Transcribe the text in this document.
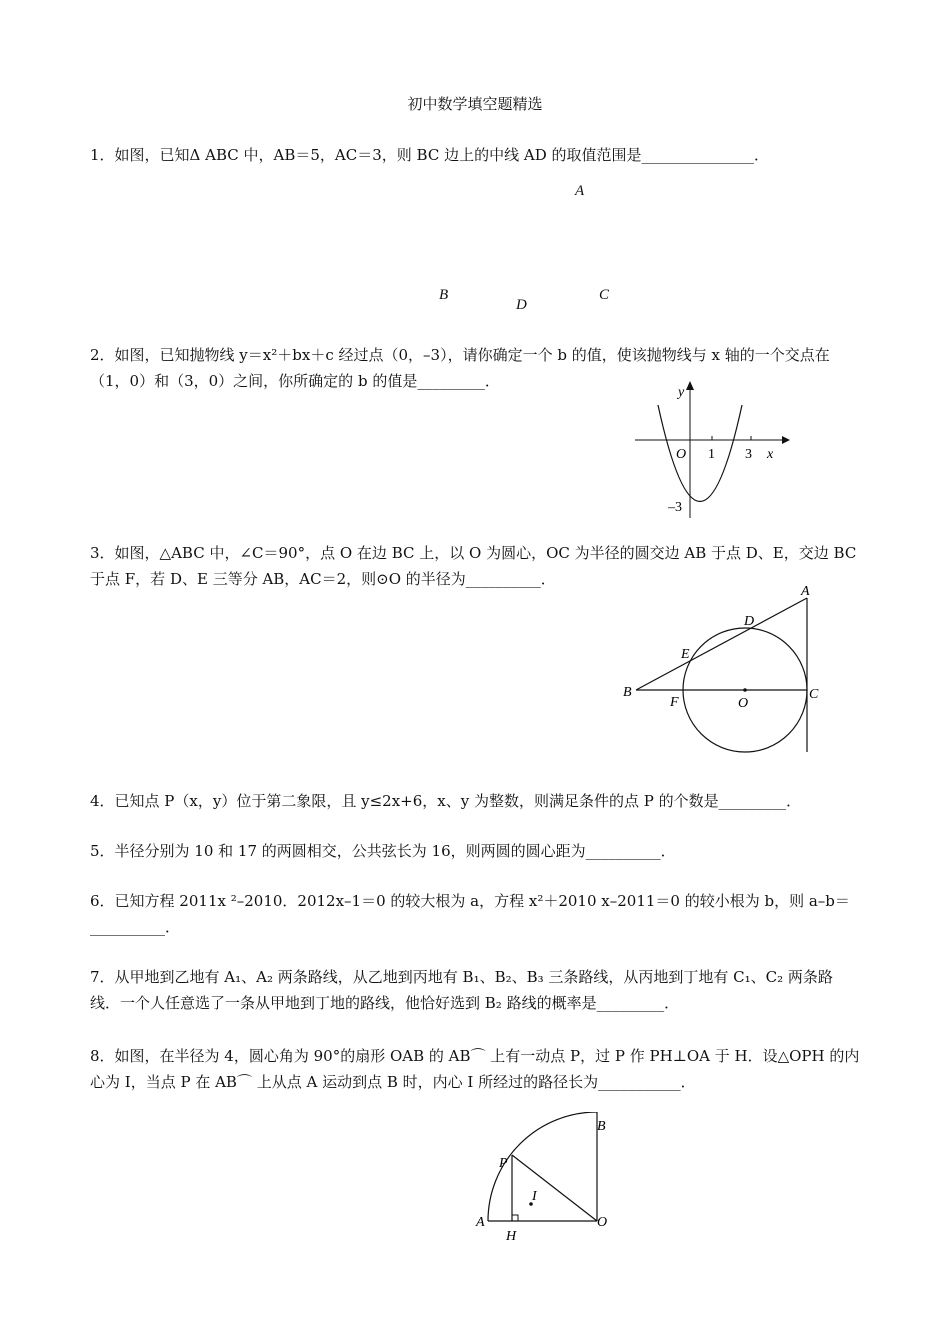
初中数学填空题精选
1．如图，已知Δ ABC 中，AB＝5，AC＝3，则 BC 边上的中线 AD 的取值范围是_______________．
2．如图，已知抛物线 y＝x²＋bx＋c 经过点（0，–3），请你确定一个 b 的值，使该抛物线与 x 轴的一个交点在（1，0）和（3，0）之间，你所确定的 b 的值是_________．
3．如图，△ABC 中，∠C＝90°，点 O 在边 BC 上，以 O 为圆心，OC 为半径的圆交边 AB 于点 D、E，交边 BC 于点 F，若 D、E 三等分 AB，AC＝2，则⊙O 的半径为__________．
4．已知点 P（x，y）位于第二象限，且 y≤2x+6，x、y 为整数，则满足条件的点 P 的个数是_________．
5．半径分别为 10 和 17 的两圆相交，公共弦长为 16，则两圆的圆心距为__________．
6．已知方程 2011x ²–2010．2012x–1＝0 的较大根为 a，方程 x²＋2010 x–2011＝0 的较小根为 b，则 a–b＝__________．
7．从甲地到乙地有 A₁、A₂ 两条路线，从乙地到丙地有 B₁、B₂、B₃ 三条路线，从丙地到丁地有 C₁、C₂ 两条路线．一个人任意选了一条从甲地到丁地的路线，他恰好选到 B₂ 路线的概率是_________．
8．如图，在半径为 4，圆心角为 90°的扇形 OAB 的 AB⌒ 上有一动点 P，过 P 作 PH⊥OA 于 H．设△OPH 的内心为 I，当点 P 在 AB⌒ 上从点 A 运动到点 B 时，内心 I 所经过的路径长为___________．
A
B
D
C
y
x
O 1 3
–3
A
D
E
B
F	O
C
B
P
I
A	O
H
